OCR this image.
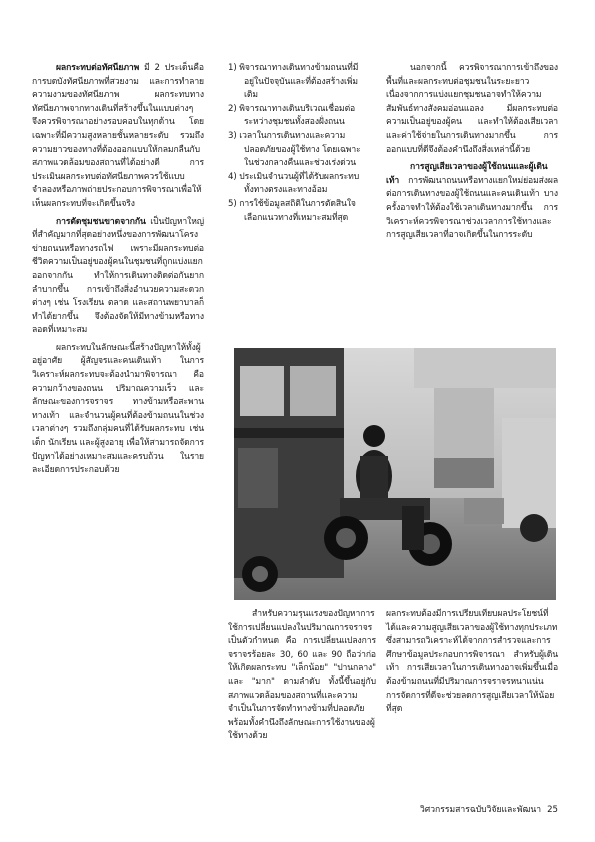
ผลกระทบต่อทัศนียภาพ มี 2 ประเด็นคือ การบดบังทัศนียภาพที่สวยงาม และการทำลายความงามของทัศนียภาพ ผลกระทบทางทัศนียภาพจากทางเดินที่สร้างขึ้นในแบบต่างๆ จึงควรพิจารณาอย่างรอบคอบในทุกด้าน โดยเฉพาะที่มีความสูงหลายชั้นหลายระดับ รวมถึงความยาวของทางที่ต้องออกแบบให้กลมกลืนกับสภาพแวดล้อมของสถานที่ได้อย่างดี การประเมินผลกระทบต่อทัศนียภาพควรใช้แบบจำลองหรือภาพถ่ายประกอบการพิจารณาเพื่อให้เห็นผลกระทบที่จะเกิดขึ้นจริง

การตัดชุมชนขาดจากกัน เป็นปัญหาใหญ่ที่สำคัญมากที่สุดอย่างหนึ่งของการพัฒนาโครงข่ายถนนหรือทางรถไฟ เพราะมีผลกระทบต่อชีวิตความเป็นอยู่ของผู้คนในชุมชนที่ถูกแบ่งแยกออกจากกัน ทำให้การเดินทางติดต่อกันยากลำบากขึ้น การเข้าถึงสิ่งอำนวยความสะดวกต่างๆ เช่น โรงเรียน ตลาด และสถานพยาบาลก็ทำได้ยากขึ้น จึงต้องจัดให้มีทางข้ามหรือทางลอดที่เหมาะสม

ผลกระทบในลักษณะนี้สร้างปัญหาให้ทั้งผู้อยู่อาศัย ผู้สัญจรและคนเดินเท้า ในการวิเคราะห์ผลกระทบจะต้องนำมาพิจารณา คือ ความกว้างของถนน ปริมาณความเร็ว และลักษณะของการจราจร ทางข้ามหรือสะพานทางเท้า และจำนวนผู้คนที่ต้องข้ามถนนในช่วงเวลาต่างๆ รวมถึงกลุ่มคนที่ได้รับผลกระทบ เช่น เด็ก นักเรียน และผู้สูงอายุ เพื่อให้สามารถจัดการปัญหาได้อย่างเหมาะสมและครบถ้วน ในรายละเอียดการประกอบด้วย

1) พิจารณาทางเดินทางข้ามถนนที่มีอยู่ในปัจจุบันและที่ต้องสร้างเพิ่มเติม
2) พิจารณาทางเดินบริเวณเชื่อมต่อระหว่างชุมชนทั้งสองฝั่งถนน
3) เวลาในการเดินทางและความปลอดภัยของผู้ใช้ทาง โดยเฉพาะในช่วงกลางคืนและช่วงเร่งด่วน
4) ประเมินจำนวนผู้ที่ได้รับผลกระทบทั้งทางตรงและทางอ้อม
5) การใช้ข้อมูลสถิติในการตัดสินใจเลือกแนวทางที่เหมาะสมที่สุด

นอกจากนี้ ควรพิจารณาการเข้าถึงของพื้นที่และผลกระทบต่อชุมชนในระยะยาว เนื่องจากการแบ่งแยกชุมชนอาจทำให้ความสัมพันธ์ทางสังคมอ่อนแอลง มีผลกระทบต่อความเป็นอยู่ของผู้คน และทำให้ต้องเสียเวลาและค่าใช้จ่ายในการเดินทางมากขึ้น การออกแบบที่ดีจึงต้องคำนึงถึงสิ่งเหล่านี้ด้วย

การสูญเสียเวลาของผู้ใช้ถนนและผู้เดินเท้า การพัฒนาถนนหรือทางแยกใหม่ย่อมส่งผลต่อการเดินทางของผู้ใช้ถนนและคนเดินเท้า บางครั้งอาจทำให้ต้องใช้เวลาเดินทางมากขึ้น การวิเคราะห์ควรพิจารณาช่วงเวลาการใช้ทางและการสูญเสียเวลาที่อาจเกิดขึ้นในการระดับ

สำหรับความรุนแรงของปัญหาการใช้การเปลี่ยนแปลงในปริมาณการจราจรเป็นตัวกำหนด คือ การเปลี่ยนแปลงการจราจรร้อยละ 30, 60 และ 90 ถือว่าก่อให้เกิดผลกระทบ "เล็กน้อย" "ปานกลาง" และ "มาก" ตามลำดับ ทั้งนี้ขึ้นอยู่กับสภาพแวดล้อมของสถานที่และความจำเป็นในการจัดทำทางข้ามที่ปลอดภัย พร้อมทั้งคำนึงถึงลักษณะการใช้งานของผู้ใช้ทางด้วย

ผลกระทบต้องมีการเปรียบเทียบผลประโยชน์ที่ได้และความสูญเสียเวลาของผู้ใช้ทางทุกประเภท ซึ่งสามารถวิเคราะห์ได้จากการสำรวจและการศึกษาข้อมูลประกอบการพิจารณา สำหรับผู้เดินเท้า การเสียเวลาในการเดินทางอาจเพิ่มขึ้นเมื่อต้องข้ามถนนที่มีปริมาณการจราจรหนาแน่น การจัดการที่ดีจะช่วยลดการสูญเสียเวลาให้น้อยที่สุด

วิศวกรรมสารฉบับวิจัยและพัฒนา 25
